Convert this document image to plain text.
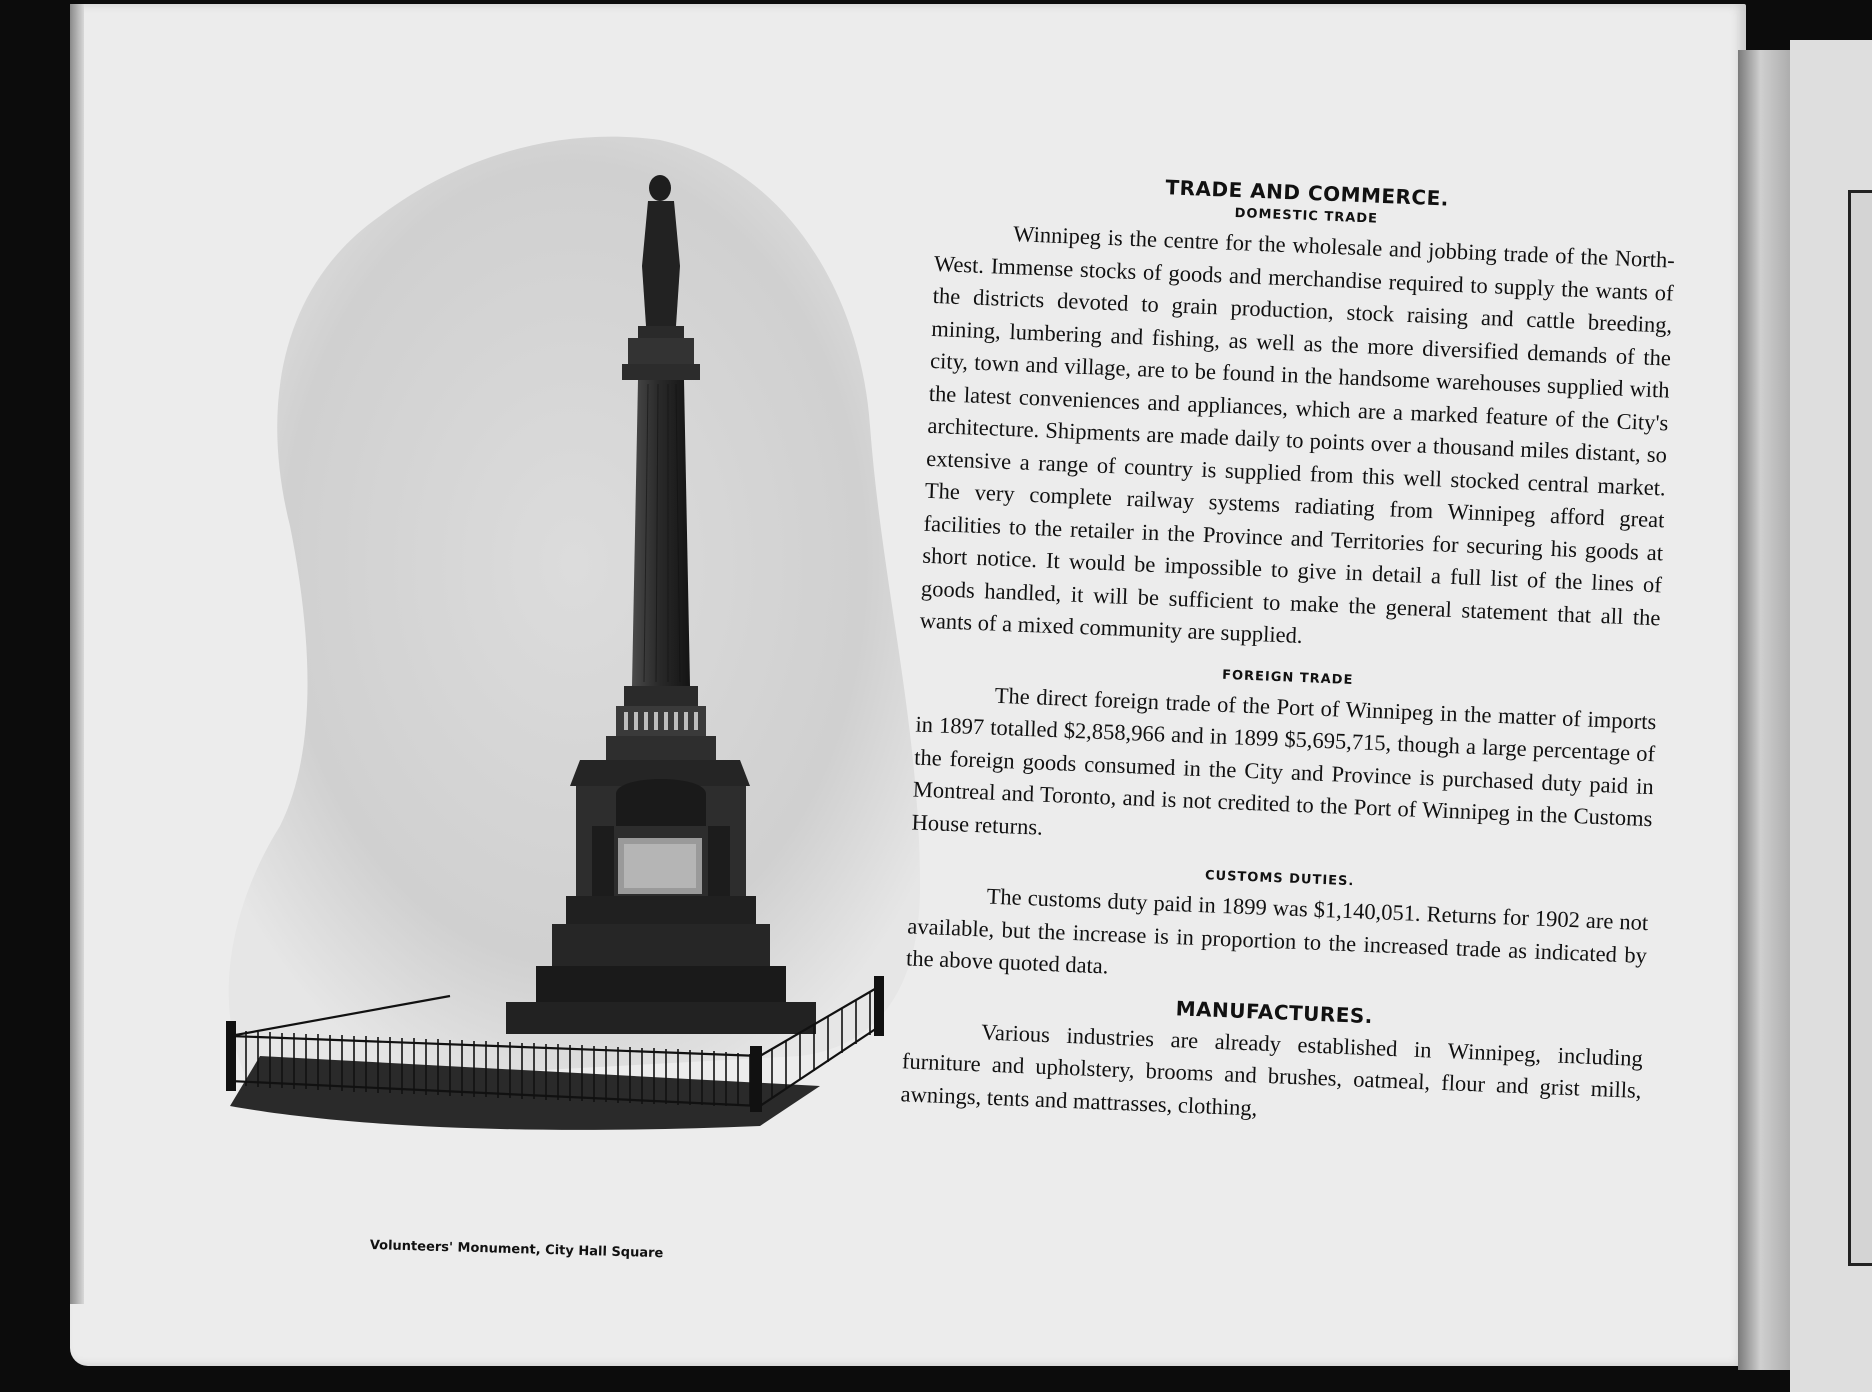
Volunteers' Monument, City Hall Square
TRADE AND COMMERCE.
DOMESTIC TRADE

Winnipeg is the centre for the wholesale and jobbing trade of the North-West. Immense stocks of goods and merchandise required to supply the wants of the districts devoted to grain production, stock raising and cattle breeding, mining, lumbering and fishing, as well as the more diversified demands of the city, town and village, are to be found in the handsome warehouses supplied with the latest conveniences and appliances, which are a marked feature of the City's architecture. Shipments are made daily to points over a thousand miles distant, so extensive a range of country is supplied from this well stocked central market. The very complete railway systems radiating from Winnipeg afford great facilities to the retailer in the Province and Territories for securing his goods at short notice. It would be impossible to give in detail a full list of the lines of goods handled, it will be sufficient to make the general statement that all the wants of a mixed community are supplied.

FOREIGN TRADE

The direct foreign trade of the Port of Winnipeg in the matter of imports in 1897 totalled $2,858,966 and in 1899 $5,695,715, though a large percentage of the foreign goods consumed in the City and Province is purchased duty paid in Montreal and Toronto, and is not credited to the Port of Winnipeg in the Customs House returns.

CUSTOMS DUTIES.

The customs duty paid in 1899 was $1,140,051. Returns for 1902 are not available, but the increase is in proportion to the increased trade as indicated by the above quoted data.

MANUFACTURES.

Various industries are already established in Winnipeg, including furniture and upholstery, brooms and brushes, oatmeal, flour and grist mills, awnings, tents and mattrasses, clothing,
